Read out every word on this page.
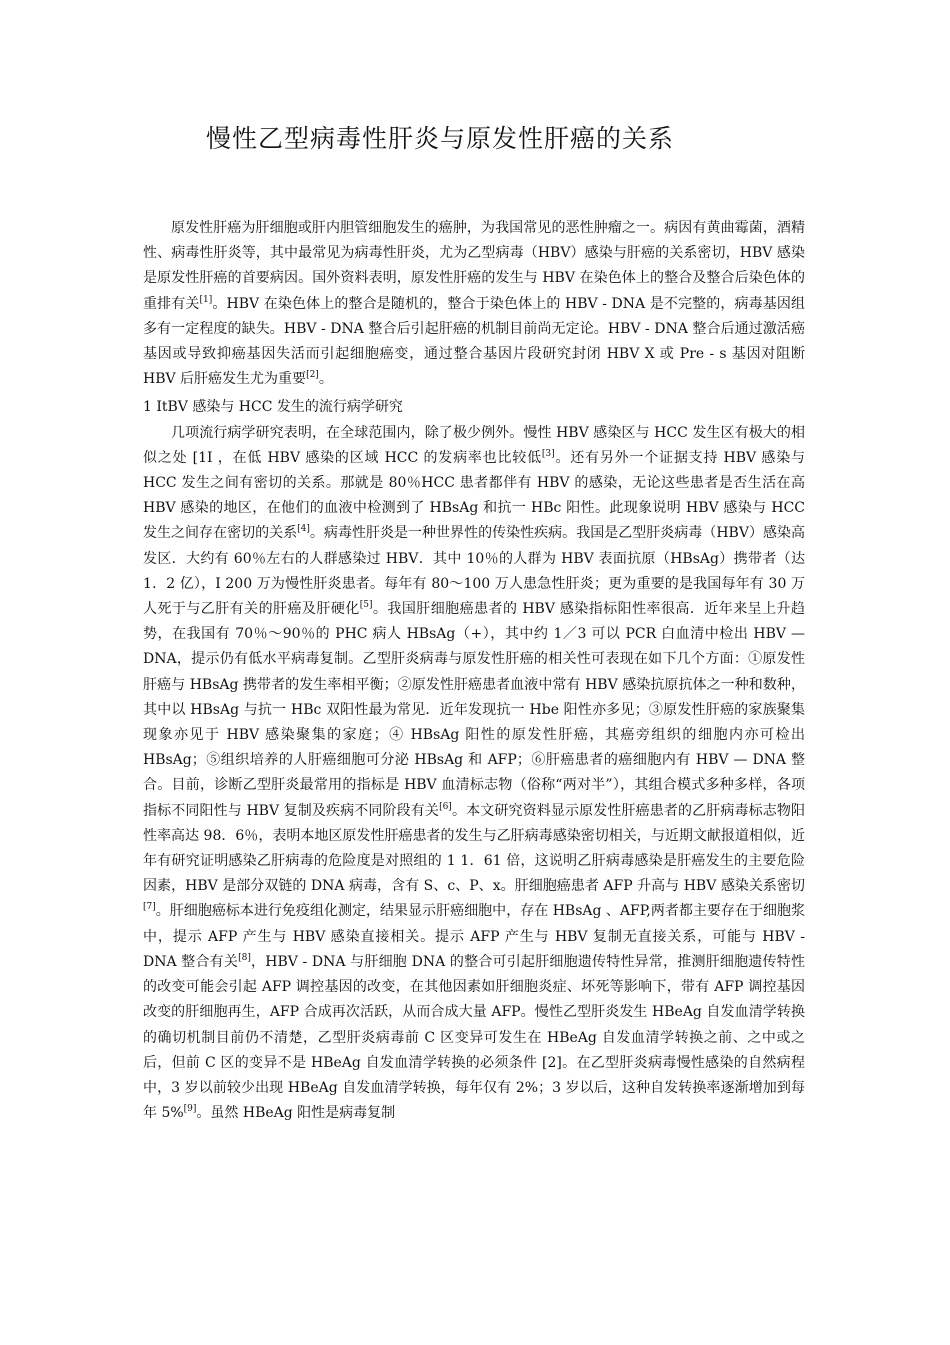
慢性乙型病毒性肝炎与原发性肝癌的关系

原发性肝癌为肝细胞或肝内胆管细胞发生的癌肿，为我国常见的恶性肿瘤之一。病因有黄曲霉菌，酒精性、病毒性肝炎等，其中最常见为病毒性肝炎，尤为乙型病毒（HBV）感染与肝癌的关系密切，HBV 感染是原发性肝癌的首要病因。国外资料表明，原发性肝癌的发生与 HBV 在染色体上的整合及整合后染色体的重排有关[1]。HBV 在染色体上的整合是随机的，整合于染色体上的 HBV - DNA 是不完整的，病毒基因组多有一定程度的缺失。HBV - DNA 整合后引起肝癌的机制目前尚无定论。HBV - DNA 整合后通过激活癌基因或导致抑癌基因失活而引起细胞癌变，通过整合基因片段研究封闭 HBV X 或 Pre - s 基因对阻断 HBV 后肝癌发生尤为重要[2]。

1 ItBV 感染与 HCC 发生的流行病学研究

几项流行病学研究表明，在全球范围内，除了极少例外。慢性 HBV 感染区与 HCC 发生区有极大的相似之处 [1I ，在低 HBV 感染的区域 HCC 的发病率也比较低[3]。还有另外一个证据支持 HBV 感染与 HCC 发生之间有密切的关系。那就是 80％HCC 患者都伴有 HBV 的感染，无论这些患者是否生活在高 HBV 感染的地区，在他们的血液中检测到了 HBsAg 和抗一 HBc 阳性。此现象说明 HBV 感染与 HCC 发生之间存在密切的关系[4]。病毒性肝炎是一种世界性的传染性疾病。我国是乙型肝炎病毒（HBV）感染高发区．大约有 60％左右的人群感染过 HBV．其中 10％的人群为 HBV 表面抗原（HBsAg）携带者（达 1．2 亿），I 200 万为慢性肝炎患者。每年有 80～100 万人患急性肝炎；更为重要的是我国每年有 30 万人死于与乙肝有关的肝癌及肝硬化[5]。我国肝细胞癌患者的 HBV 感染指标阳性率很高．近年来呈上升趋势，在我国有 70％～90％的 PHC 病人 HBsAg（+），其中约 1／3 可以 PCR 白血清中检出 HBV — DNA，提示仍有低水平病毒复制。乙型肝炎病毒与原发性肝癌的相关性可表现在如下几个方面：①原发性肝癌与 HBsAg 携带者的发生率相平衡；②原发性肝癌患者血液中常有 HBV 感染抗原抗体之一种和数种，其中以 HBsAg 与抗一 HBc 双阳性最为常见．近年发现抗一 Hbe 阳性亦多见；③原发性肝癌的家族聚集现象亦见于 HBV 感染聚集的家庭；④ HBsAg 阳性的原发性肝癌，其癌旁组织的细胞内亦可检出 HBsAg；⑤组织培养的人肝癌细胞可分泌 HBsAg 和 AFP；⑥肝癌患者的癌细胞内有 HBV — DNA 整合。目前，诊断乙型肝炎最常用的指标是 HBV 血清标志物（俗称“两对半”），其组合模式多种多样，各项指标不同阳性与 HBV 复制及疾病不同阶段有关[6]。本文研究资料显示原发性肝癌患者的乙肝病毒标志物阳性率高达 98．6％，表明本地区原发性肝癌患者的发生与乙肝病毒感染密切相关，与近期文献报道相似，近年有研究证明感染乙肝病毒的危险度是对照组的 1 1．61 倍，这说明乙肝病毒感染是肝癌发生的主要危险因素，HBV 是部分双链的 DNA 病毒，含有 S、c、P、x。肝细胞癌患者 AFP 升高与 HBV 感染关系密切[7]。肝细胞癌标本进行免疫组化测定，结果显示肝癌细胞中，存在 HBsAg 、AFP,两者都主要存在于细胞浆中，提示 AFP 产生与 HBV 感染直接相关。提示 AFP 产生与 HBV 复制无直接关系，可能与 HBV - DNA 整合有关[8]，HBV - DNA 与肝细胞 DNA 的整合可引起肝细胞遗传特性异常，推测肝细胞遗传特性的改变可能会引起 AFP 调控基因的改变，在其他因素如肝细胞炎症、坏死等影响下，带有 AFP 调控基因改变的肝细胞再生，AFP 合成再次活跃，从而合成大量 AFP。慢性乙型肝炎发生 HBeAg 自发血清学转换的确切机制目前仍不清楚，乙型肝炎病毒前 C 区变异可发生在 HBeAg 自发血清学转换之前、之中或之后，但前 C 区的变异不是 HBeAg 自发血清学转换的必须条件 [2]。在乙型肝炎病毒慢性感染的自然病程中，3 岁以前较少出现 HBeAg 自发血清学转换，每年仅有 2%；3 岁以后，这种自发转换率逐渐增加到每年 5%[9]。虽然 HBeAg 阳性是病毒复制
